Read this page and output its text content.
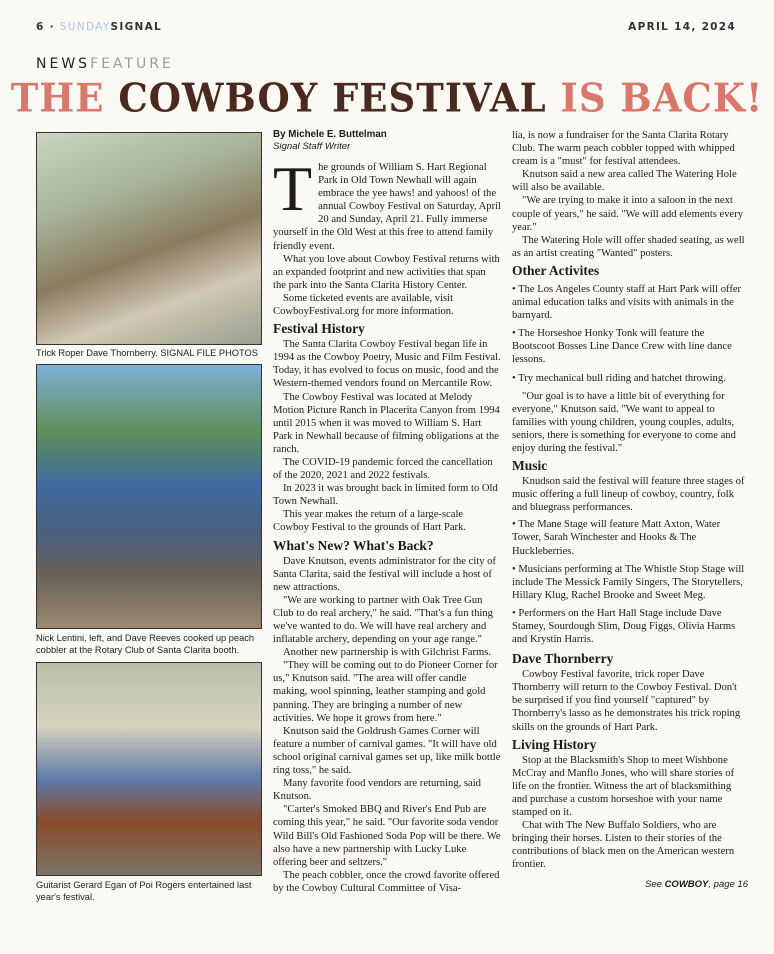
6 · SUNDAYSIGNAL	APRIL 14, 2024
NEWSFEATURE
THE COWBOY FESTIVAL IS BACK!
Trick Roper Dave Thornberry. SIGNAL FILE PHOTOS
Nick Lentini, left, and Dave Reeves cooked up peach cobbler at the Rotary Club of Santa Clarita booth.
Guitarist Gerard Egan of Poi Rogers entertained last year's festival.
By Michele E. Buttelman
Signal Staff Writer

The grounds of William S. Hart Regional Park in Old Town Newhall will again embrace the yee haws! and yahoos! of the annual Cowboy Festival on Saturday, April 20 and Sunday, April 21. Fully immerse yourself in the Old West at this free to attend family friendly event.

What you love about Cowboy Festival returns with an expanded footprint and new activities that span the park into the Santa Clarita History Center.

Some ticketed events are available, visit CowboyFestival.org for more information.

Festival History

The Santa Clarita Cowboy Festival began life in 1994 as the Cowboy Poetry, Music and Film Festival. Today, it has evolved to focus on music, food and the Western-themed vendors found on Mercantile Row.

The Cowboy Festival was located at Melody Motion Picture Ranch in Placerita Canyon from 1994 until 2015 when it was moved to William S. Hart Park in Newhall because of filming obligations at the ranch.

The COVID-19 pandemic forced the cancellation of the 2020, 2021 and 2022 festivals.

In 2023 it was brought back in limited form to Old Town Newhall.

This year makes the return of a large-scale Cowboy Festival to the grounds of Hart Park.

What's New? What's Back?

Dave Knutson, events administrator for the city of Santa Clarita, said the festival will include a host of new attractions.

"We are working to partner with Oak Tree Gun Club to do real archery," he said. "That's a fun thing we've wanted to do. We will have real archery and inflatable archery, depending on your age range."

Another new partnership is with Gilchrist Farms.

"They will be coming out to do Pioneer Corner for us," Knutson said. "The area will offer candle making, wool spinning, leather stamping and gold panning. They are bringing a number of new activities. We hope it grows from here."

Knutson said the Goldrush Games Corner will feature a number of carnival games. "It will have old school original carnival games set up, like milk bottle ring toss," he said.

Many favorite food vendors are returning, said Knutson.

"Carter's Smoked BBQ and River's End Pub are coming this year," he said. "Our favorite soda vendor Wild Bill's Old Fashioned Soda Pop will be there. We also have a new partnership with Lucky Luke offering beer and seltzers."

The peach cobbler, once the crowd favorite offered by the Cowboy Cultural Committee of Visa-

lia, is now a fundraiser for the Santa Clarita Rotary Club. The warm peach cobbler topped with whipped cream is a "must" for festival attendees.

Knutson said a new area called The Watering Hole will also be available.

"We are trying to make it into a saloon in the next couple of years," he said. "We will add elements every year."

The Watering Hole will offer shaded seating, as well as an artist creating "Wanted" posters.

Other Activites

• The Los Angeles County staff at Hart Park will offer animal education talks and visits with animals in the barnyard.

• The Horseshoe Honky Tonk will feature the Bootscoot Bosses Line Dance Crew with line dance lessons.

• Try mechanical bull riding and hatchet throwing.

"Our goal is to have a little bit of everything for everyone," Knutson said. "We want to appeal to families with young children, young couples, adults, seniors, there is something for everyone to come and enjoy during the festival."

Music

Knudson said the festival will feature three stages of music offering a full lineup of cowboy, country, folk and bluegrass performances.

• The Mane Stage will feature Matt Axton, Water Tower, Sarah Winchester and Hooks & The Huckleberries.

• Musicians performing at The Whistle Stop Stage will include The Messick Family Singers, The Storytellers, Hillary Klug, Rachel Brooke and Sweet Meg.

• Performers on the Hart Hall Stage include Dave Stamey, Sourdough Slim, Doug Figgs, Olivia Harms and Krystin Harris.

Dave Thornberry

Cowboy Festival favorite, trick roper Dave Thornberry will return to the Cowboy Festival. Don't be surprised if you find yourself "captured" by Thornberry's lasso as he demonstrates his trick roping skills on the grounds of Hart Park.

Living History

Stop at the Blacksmith's Shop to meet Wishbone McCray and Manflo Jones, who will share stories of life on the frontier. Witness the art of blacksmithing and purchase a custom horseshoe with your name stamped on it.

Chat with The New Buffalo Soldiers, who are bringing their horses. Listen to their stories of the contributions of black men on the American western frontier.

See COWBOY, page 16
